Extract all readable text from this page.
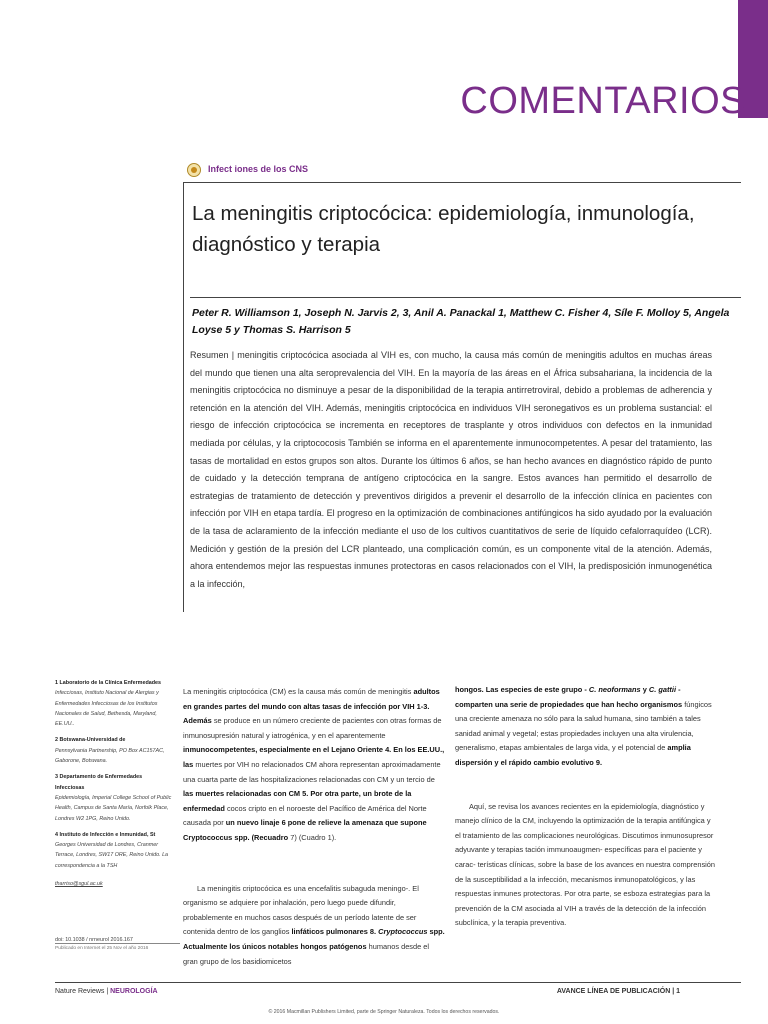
COMENTARIOS
Infect iones de los CNS
La meningitis criptocócica: epidemiología, inmunología, diagnóstico y terapia
Peter R. Williamson 1, Joseph N. Jarvis 2, 3, Anil A. Panackal 1, Matthew C. Fisher 4, Síle F. Molloy 5, Angela Loyse 5 y Thomas S. Harrison 5
Resumen | meningitis criptocócica asociada al VIH es, con mucho, la causa más común de meningitis adultos en muchas áreas del mundo que tienen una alta seroprevalencia del VIH. En la mayoría de las áreas en el África subsahariana, la incidencia de la meningitis criptocócica no disminuye a pesar de la disponibilidad de la terapia antirretroviral, debido a problemas de adherencia y retención en la atención del VIH. Además, meningitis criptocócica en individuos VIH seronegativos es un problema sustancial: el riesgo de infección criptocócica se incrementa en receptores de trasplante y otros individuos con defectos en la inmunidad mediada por células, y la criptococosis También se informa en el aparentemente inmunocompetentes. A pesar del tratamiento, las tasas de mortalidad en estos grupos son altos. Durante los últimos 6 años, se han hecho avances en diagnóstico rápido de punto de cuidado y la detección temprana de antígeno criptocócica en la sangre. Estos avances han permitido el desarrollo de estrategias de tratamiento de detección y preventivos dirigidos a prevenir el desarrollo de la infección clínica en pacientes con infección por VIH en etapa tardía. El progreso en la optimización de combinaciones antifúngicos ha sido ayudado por la evaluación de la tasa de aclaramiento de la infección mediante el uso de los cultivos cuantitativos de serie de líquido cefalorraquídeo (LCR). Medición y gestión de la presión del LCR planteado, una complicación común, es un componente vital de la atención. Además, ahora entendemos mejor las respuestas inmunes protectoras en casos relacionados con el VIH, la predisposición inmunogenética a la infección,

1 Laboratorio de la Clínica Enfermedades
Infecciosas, Instituto Nacional de Alergias y Enfermedades Infecciosas de los Institutos Nacionales de Salud, Bethesda, Maryland, EE.UU..

2 Botswana-Universidad de
Pennsylvania Partnership, PO Box AC157AC, Gaborone, Botswana.

3 Departamento de Enfermedades Infecciosas
Epidemiología, Imperial College School of Public Health, Campus de Santa María, Norfolk Place, Londres W2 1PG, Reino Unido.

4 Instituto de Infección e Inmunidad, St
Georges Universidad de Londres, Cranmer Terrace, Londres, SW17 ORE, Reino Unido. La correspondencia a la TSH

tharriso@sgul.ac.uk

doi: 10.1038 / nrneurol 2016.167
Publicado en Internet el 25 Nov el año 2016

La meningitis criptocócica (CM) es la causa más común de meningitis adultos en grandes partes del mundo con altas tasas de infección por VIH 1-3. Además se produce en un número creciente de pacientes con otras formas de inmunosupresión natural y iatrogénica, y en el aparentemente inmunocompetentes, especialmente en el Lejano Oriente 4. En los EE.UU., las muertes por VIH no relacionados CM ahora representan aproximadamente una cuarta parte de las hospitalizaciones relacionadas con CM y un tercio de las muertes relacionadas con CM 5. Por otra parte, un brote de la enfermedad cocos cripto en el noroeste del Pacífico de América del Norte causada por un nuevo linaje 6 pone de relieve la amenaza que supone Cryptococcus spp. (Recuadro 7) (Cuadro 1).

La meningitis criptocócica es una encefalitis subaguda meningo-. El organismo se adquiere por inhalación, pero luego puede difundir, probablemente en muchos casos después de un período latente de ser contenida dentro de los ganglios linfáticos pulmonares 8. Cryptococcus spp. Actualmente los únicos notables hongos patógenos humanos desde el gran grupo de los basidiomicetos

hongos. Las especies de este grupo - C. neoformans y C. gattii - comparten una serie de propiedades que han hecho organismos fúngicos una creciente amenaza no sólo para la salud humana, sino también a tales sanidad animal y vegetal; estas propiedades incluyen una alta virulencia, generalismo, etapas ambientales de larga vida, y el potencial de amplia dispersión y el rápido cambio evolutivo 9.

Aquí, se revisa los avances recientes en la epidemiología, diagnóstico y manejo clínico de la CM, incluyendo la optimización de la terapia antifúngica y el tratamiento de las complicaciones neurológicas. Discutimos inmunosupresor adyuvante y terapias tación immunoaugmen- específicas para el paciente y carac- terísticas clínicas, sobre la base de los avances en nuestra comprensión de la susceptibilidad a la infección, mecanismos inmunopatológicos, y las respuestas inmunes protectoras. Por otra parte, se esboza estrategias para la prevención de la CM asociada al VIH a través de la detección de la infección subclínica, y la terapia preventiva.

Nature Reviews | NEUROLOGÍA	AVANCE LÍNEA DE PUBLICACIÓN | 1
© 2016 Macmillan Publishers Limited, parte de Springer Naturaleza. Todos los derechos reservados.
